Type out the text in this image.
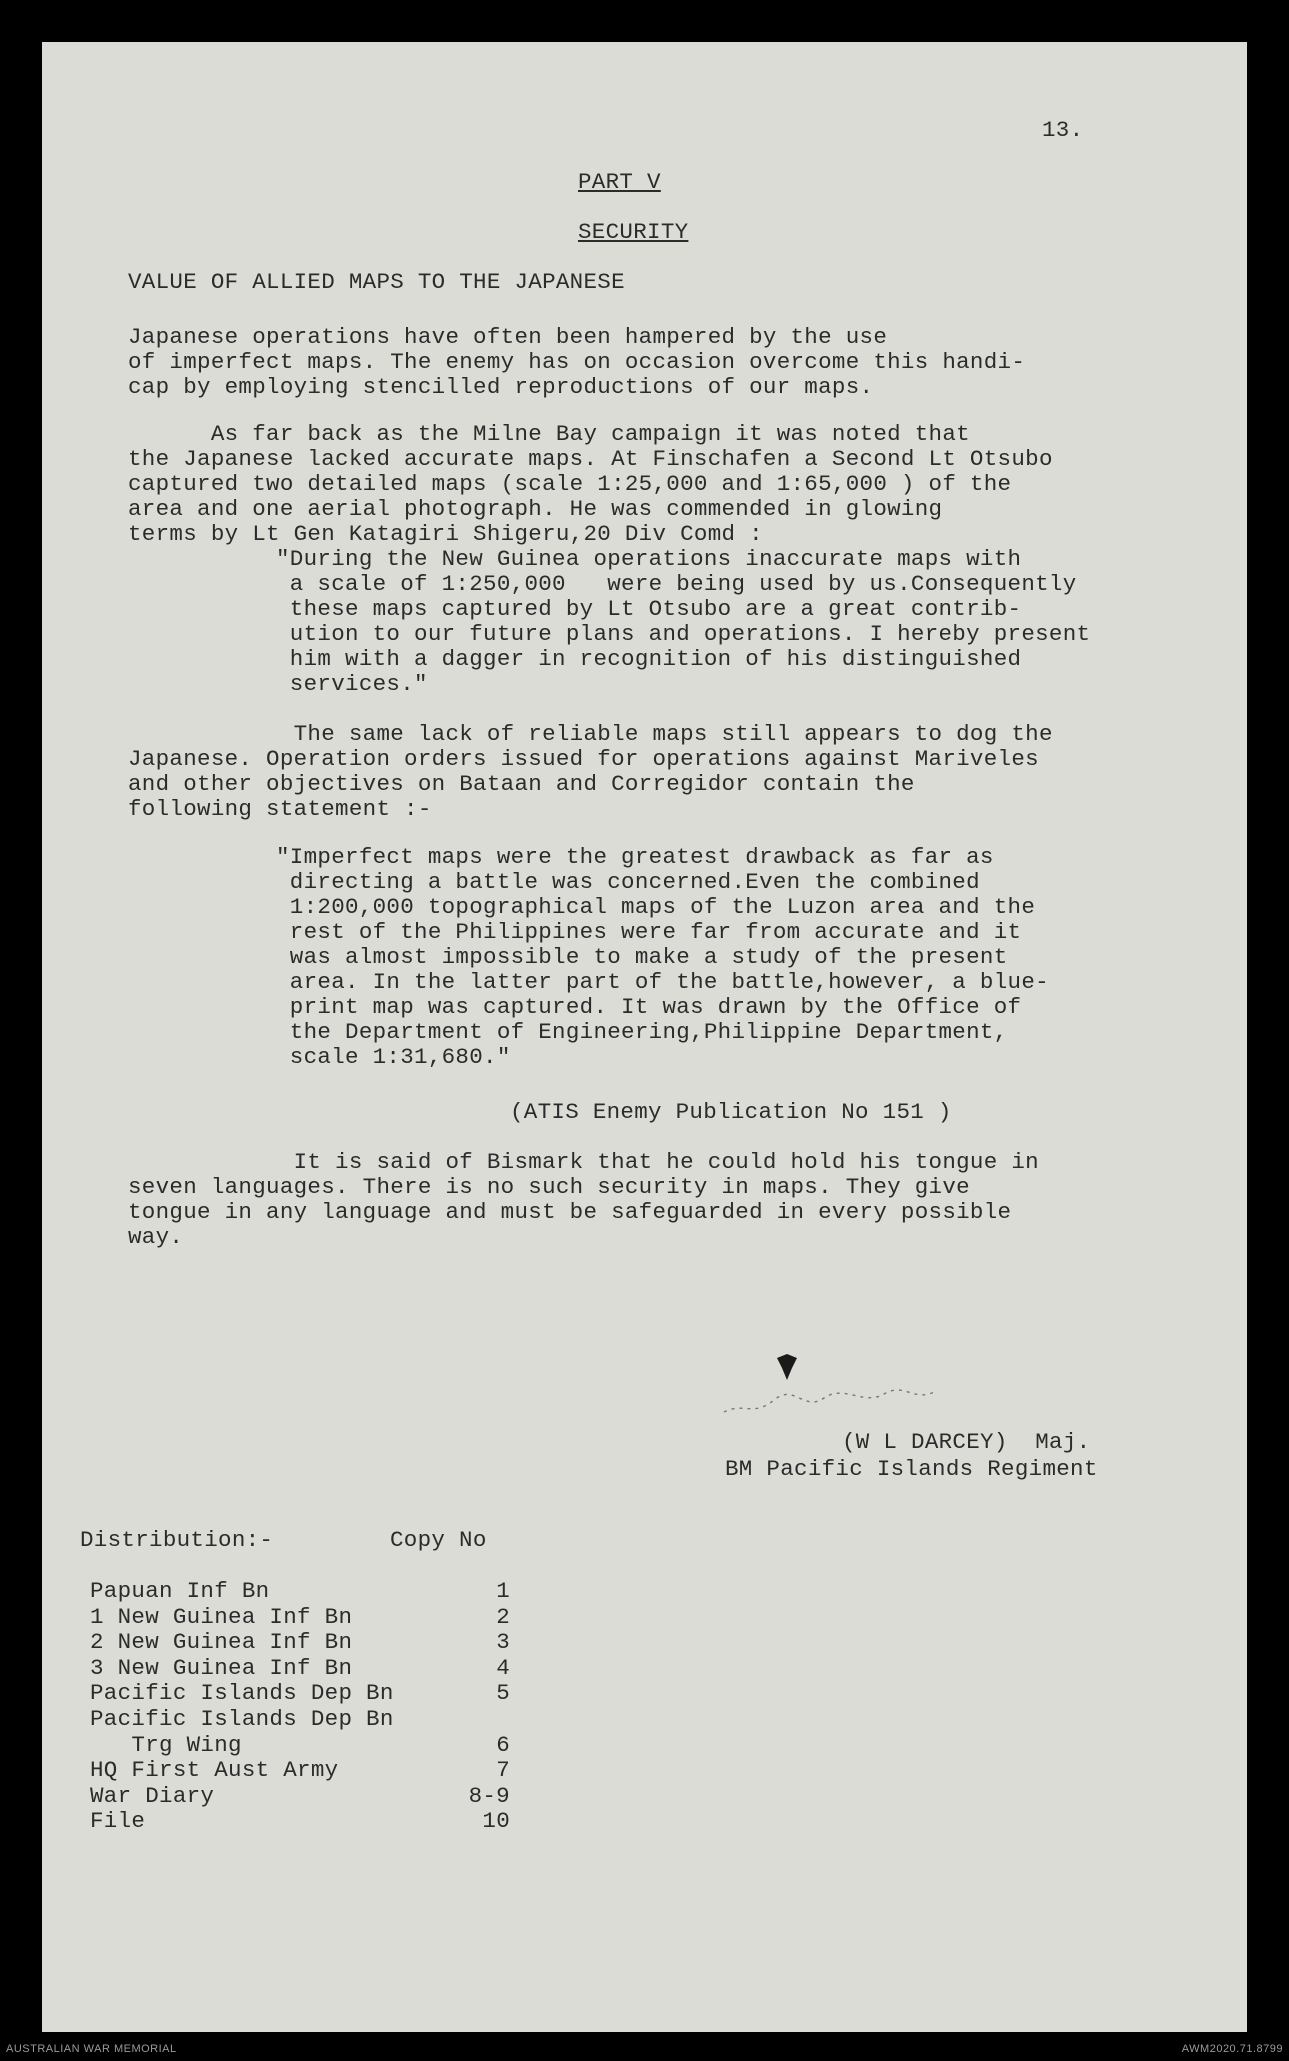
13.
PART V
SECURITY
VALUE OF ALLIED MAPS TO THE JAPANESE
Japanese operations have often been hampered by the use
of imperfect maps. The enemy has on occasion overcome this handi-
cap by employing stencilled reproductions of our maps.
As far back as the Milne Bay campaign it was noted that
the Japanese lacked accurate maps. At Finschafen a Second Lt Otsubo
captured two detailed maps (scale 1:25,000 and 1:65,000 ) of the
area and one aerial photograph. He was commended in glowing
terms by Lt Gen Katagiri Shigeru,20 Div Comd :
"During the New Guinea operations inaccurate maps with
a scale of 1:250,000   were being used by us.Consequently
these maps captured by Lt Otsubo are a great contrib-
ution to our future plans and operations. I hereby present
him with a dagger in recognition of his distinguished
services."
The same lack of reliable maps still appears to dog the
Japanese. Operation orders issued for operations against Mariveles
and other objectives on Bataan and Corregidor contain the
following statement :-
"Imperfect maps were the greatest drawback as far as
directing a battle was concerned.Even the combined
1:200,000 topographical maps of the Luzon area and the
rest of the Philippines were far from accurate and it
was almost impossible to make a study of the present
area. In the latter part of the battle,however, a blue-
print map was captured. It was drawn by the Office of
the Department of Engineering,Philippine Department,
scale 1:31,680."
(ATIS Enemy Publication No 151 )
It is said of Bismark that he could hold his tongue in
seven languages. There is no such security in maps. They give
tongue in any language and must be safeguarded in every possible
way.
(W L DARCEY)  Maj.
BM Pacific Islands Regiment
Distribution:-	Copy No
Papuan Inf Bn	1
1 New Guinea Inf Bn	2
2 New Guinea Inf Bn	3
3 New Guinea Inf Bn	4
Pacific Islands Dep Bn	5
Pacific Islands Dep Bn
Trg Wing	6
HQ First Aust Army	7
War Diary	8-9
File	10
AUSTRALIAN WAR MEMORIAL	AWM2020.71.8799
